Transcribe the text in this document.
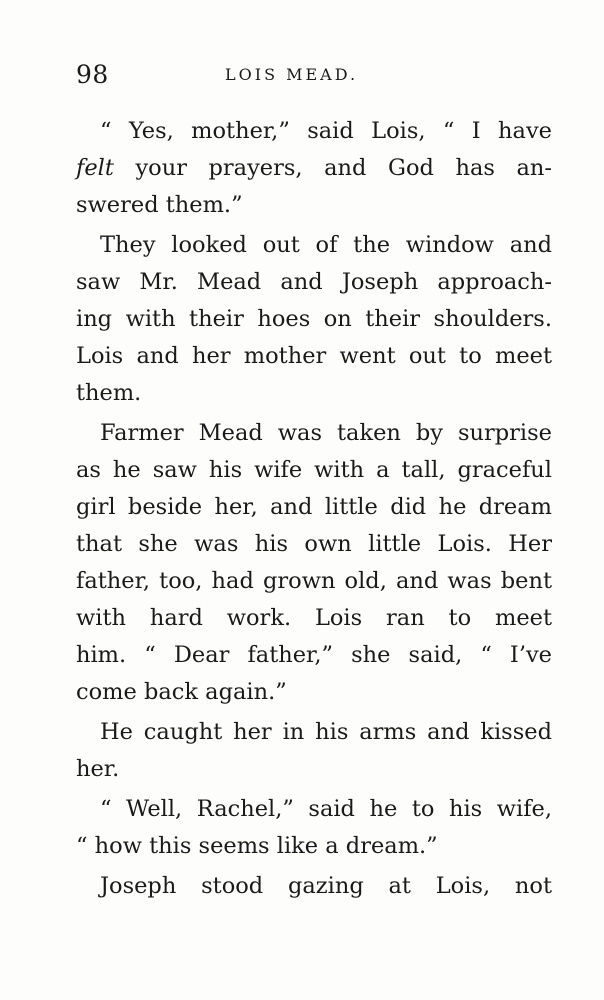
98	LOIS MEAD.
“ Yes, mother,” said Lois, “ I have
felt your prayers, and God has an-
swered them.”
They looked out of the window and
saw Mr. Mead and Joseph approach-
ing with their hoes on their shoulders.
Lois and her mother went out to meet
them.
Farmer Mead was taken by surprise
as he saw his wife with a tall, graceful
girl beside her, and little did he dream
that she was his own little Lois. Her
father, too, had grown old, and was bent
with hard work. Lois ran to meet
him. “ Dear father,” she said, “ I’ve
come back again.”
He caught her in his arms and kissed
her.
“ Well, Rachel,” said he to his wife,
“ how this seems like a dream.”
Joseph stood gazing at Lois, not
